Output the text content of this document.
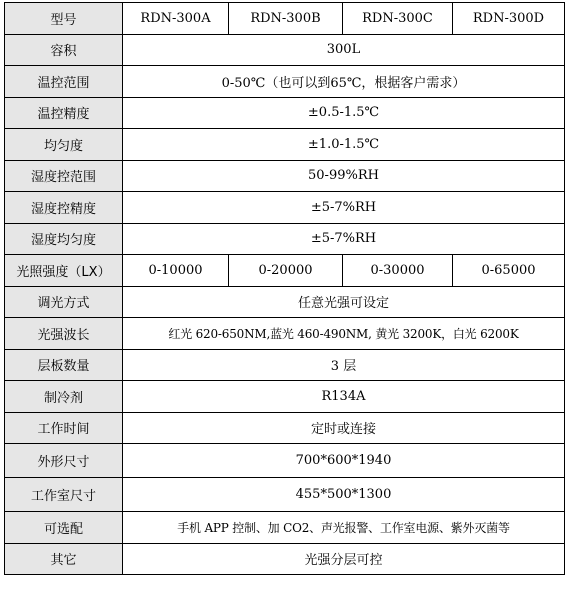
型号	RDN-300A	RDN-300B	RDN-300C	RDN-300D
容积	300L			
温控范围	0-50℃（也可以到65℃，根据客户需求）			
温控精度	±0.5-1.5℃			
均匀度	±1.0-1.5℃			
湿度控范围	50-99%RH			
湿度控精度	±5-7%RH			
湿度均匀度	±5-7%RH			
光照强度（LX）	0-10000	0-20000	0-30000	0-65000
调光方式	任意光强可设定			
光强波长	红光 620-650NM,蓝光 460-490NM, 黄光 3200K，白光 6200K			
层板数量	3 层			
制冷剂	R134A			
工作时间	定时或连接			
外形尺寸	700*600*1940			
工作室尺寸	455*500*1300			
可选配	手机 APP 控制、加 CO2、声光报警、工作室电源、紫外灭菌等			
其它	光强分层可控			
